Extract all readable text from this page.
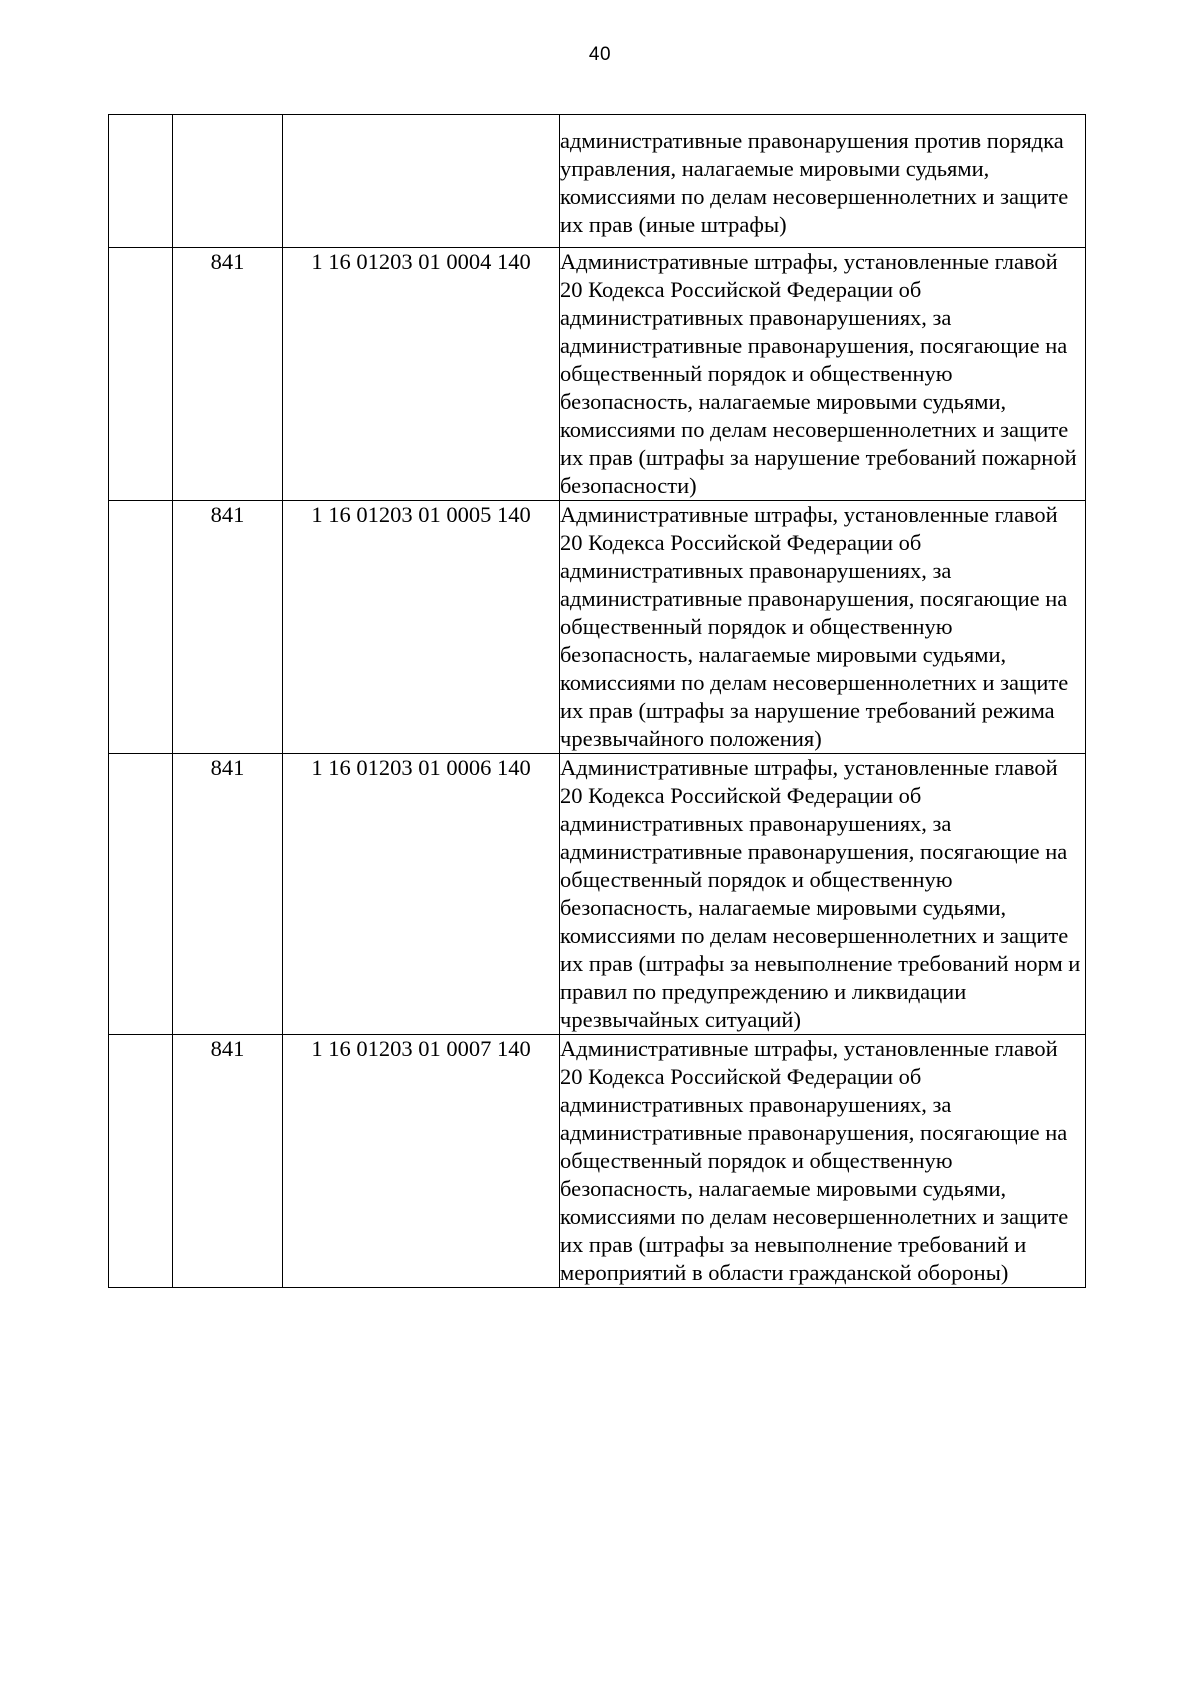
40
			административные правонарушения против порядка управления, налагаемые мировыми судьями, комиссиями по делам несовершеннолетних и защите их прав (иные штрафы)
	841	1 16 01203 01 0004 140	Административные штрафы, установленные главой 20 Кодекса Российской Федерации об административных правонарушениях, за административные правонарушения, посягающие на общественный порядок и общественную безопасность, налагаемые мировыми судьями, комиссиями по делам несовершеннолетних и защите их прав (штрафы за нарушение требований пожарной безопасности)
	841	1 16 01203 01 0005 140	Административные штрафы, установленные главой 20 Кодекса Российской Федерации об административных правонарушениях, за административные правонарушения, посягающие на общественный порядок и общественную безопасность, налагаемые мировыми судьями, комиссиями по делам несовершеннолетних и защите их прав (штрафы за нарушение требований режима чрезвычайного положения)
	841	1 16 01203 01 0006 140	Административные штрафы, установленные главой 20 Кодекса Российской Федерации об административных правонарушениях, за административные правонарушения, посягающие на общественный порядок и общественную безопасность, налагаемые мировыми судьями, комиссиями по делам несовершеннолетних и защите их прав (штрафы за невыполнение требований норм и правил по предупреждению и ликвидации чрезвычайных ситуаций)
	841	1 16 01203 01 0007 140	Административные штрафы, установленные главой 20 Кодекса Российской Федерации об административных правонарушениях, за административные правонарушения, посягающие на общественный порядок и общественную безопасность, налагаемые мировыми судьями, комиссиями по делам несовершеннолетних и защите их прав (штрафы за невыполнение требований и мероприятий в области гражданской обороны)
